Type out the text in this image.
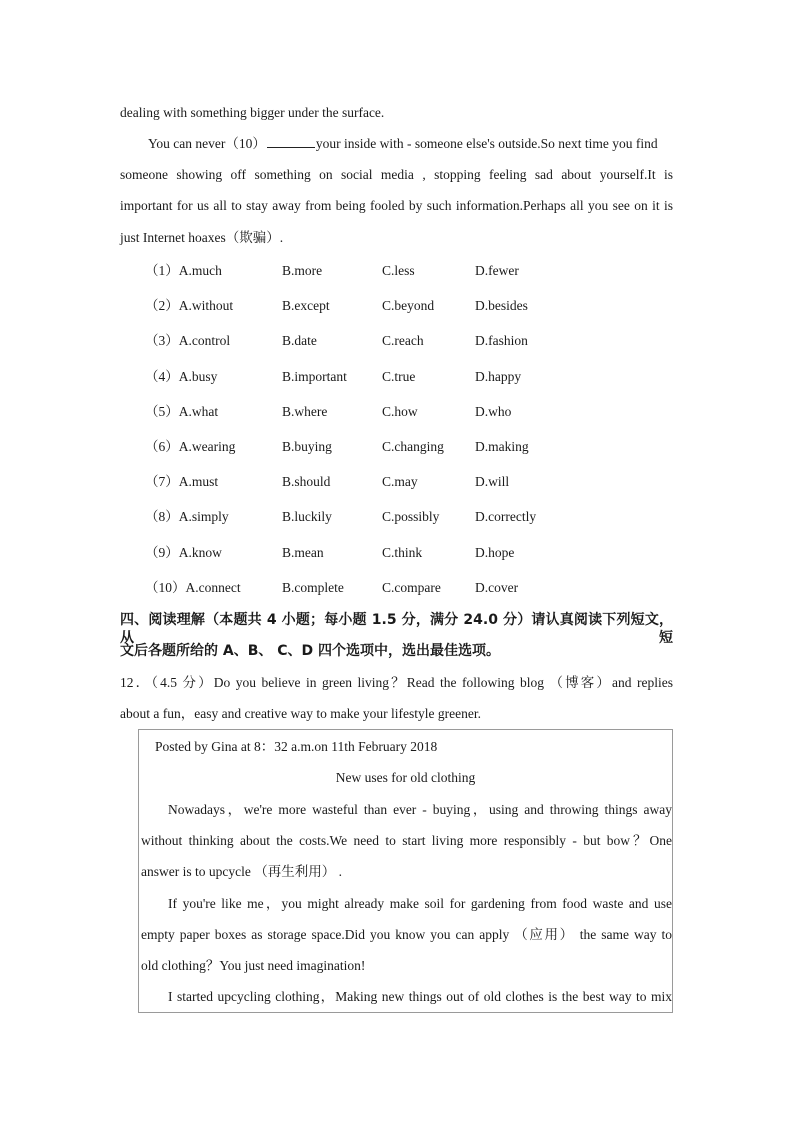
dealing with something bigger under the surface.
You can never（10）	your inside with - someone else's outside.So next time you find
someone showing off something on social media , stopping feeling sad about yourself.It is
important for us all to stay away from being fooled by such information.Perhaps all you see on it is
just Internet hoaxes（欺骗）.
（1）A.much	B.more	C.less	D.fewer
（2）A.without	B.except	C.beyond	D.besides
（3）A.control	B.date	C.reach	D.fashion
（4）A.busy	B.important	C.true	D.happy
（5）A.what	B.where	C.how	D.who
（6）A.wearing	B.buying	C.changing D.making
（7）A.must	B.should	C.may	D.will
（8）A.simply	B.luckily	C.possibly	D.correctly
（9）A.know	B.mean	C.think	D.hope
（10）A.connect	B.complete	C.compare	D.cover
四、阅读理解（本题共 4 小题；每小题 1.5 分，满分 24.0 分）请认真阅读下列短文，从短
文后各题所给的 A、B、 C、D 四个选项中，选出最佳选项。
12．（4.5 分）Do you believe in green living？Read the following blog （博客）and replies
about a fun，easy and creative way to make your lifestyle greener.
Posted by Gina at 8：32 a.m.on 11th February 2018
New uses for old clothing
Nowadays，we're more wasteful than ever - buying，using and throwing things away
without thinking about the costs.We need to start living more responsibly - but bow？One
answer is to upcycle （再生利用） .
If you're like me，you might already make soil for gardening from food waste and use
empty paper boxes as storage space.Did you know you can apply （应用） the same way to
old clothing？You just need imagination!
I started upcycling clothing，Making new things out of old clothes is the best way to mix
